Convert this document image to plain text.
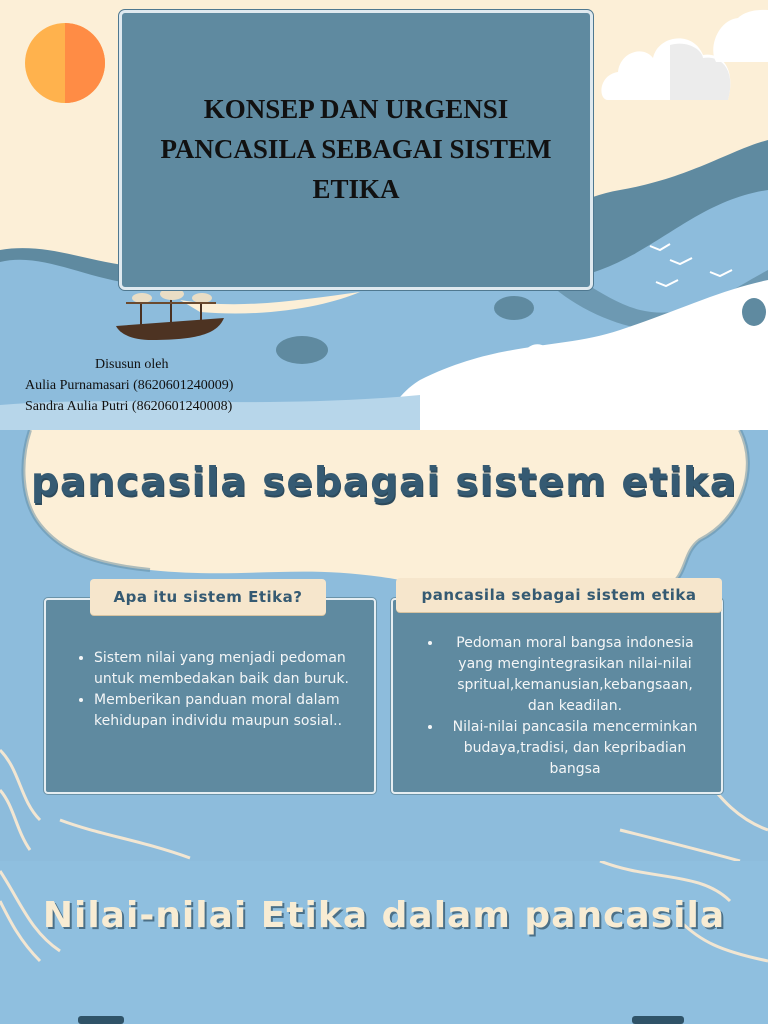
KONSEP DAN URGENSI PANCASILA SEBAGAI SISTEM ETIKA
Disusun oleh
Aulia Purnamasari (8620601240009)
Sandra Aulia Putri (8620601240008)
pancasila sebagai sistem etika
• Sistem nilai yang menjadi pedoman untuk membedakan baik dan buruk.
• Memberikan panduan moral dalam kehidupan individu maupun sosial..
Apa itu sistem Etika?
• Pedoman moral bangsa indonesia yang mengintegrasikan nilai-nilai spritual,kemanusian,kebangsaan, dan keadilan.
• Nilai-nilai pancasila mencerminkan budaya,tradisi, dan kepribadian bangsa
pancasila sebagai sistem etika
Nilai-nilai Etika dalam pancasila
